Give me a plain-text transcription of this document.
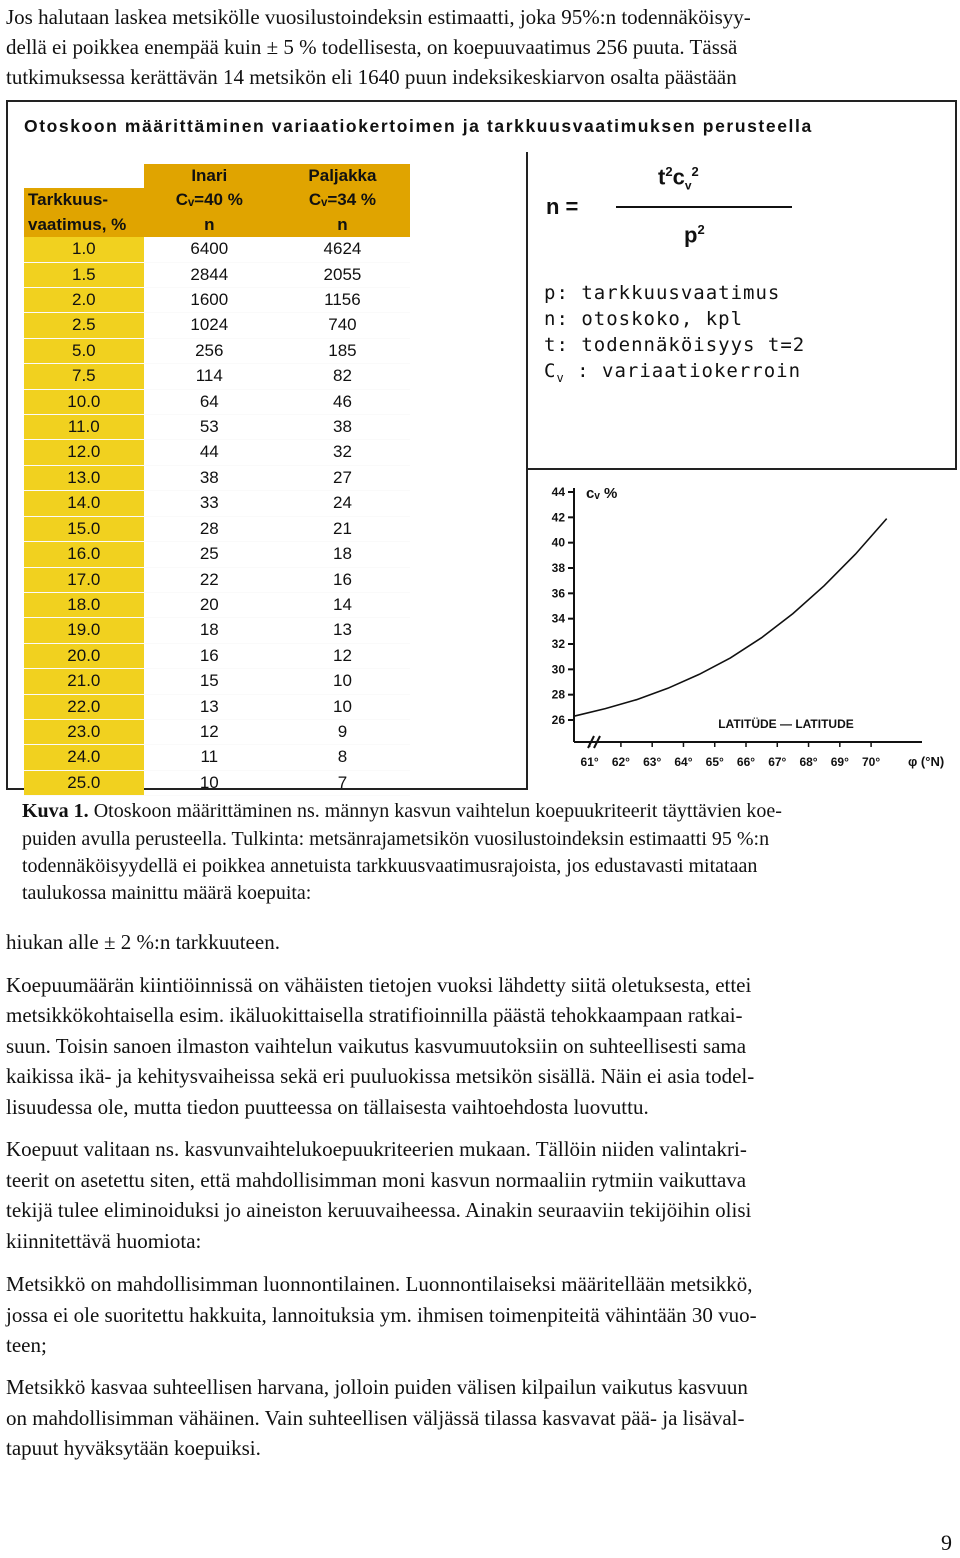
Jos halutaan laskea metsikölle vuosilustoindeksin estimaatti, joka 95%:n todennäköisyy-
dellä ei poikkea enempää kuin ± 5 % todellisesta, on koepuuvaatimus 256 puuta. Tässä
tutkimuksessa kerättävän 14 metsikön eli 1640 puun indeksikeskiarvon osalta päästään
Otoskoon määrittäminen variaatiokertoimen ja tarkkuusvaatimuksen perusteella
	Inari	Paljakka
Tarkkuus-	Cᵥ=40 %	Cᵥ=34 %
vaatimus, %	n	n
1.0	6400	4624
1.5	2844	2055
2.0	1600	1156
2.5	1024	740
5.0	256	185
7.5	114	82
10.0	64	46
11.0	53	38
12.0	44	32
13.0	38	27
14.0	33	24
15.0	28	21
16.0	25	18
17.0	22	16
18.0	20	14
19.0	18	13
20.0	16	12
21.0	15	10
22.0	13	10
23.0	12	9
24.0	11	8
25.0	10	7
n =
$t^2c_v^2$
$p^2$
p: tarkkuusvaatimus
n: otoskoko, kpl
t: todennäköisyys t=2
$C_v$ : variaatiokerroin
44
42
40
38
36
34
32
30
28
26
cᵥ %
61° 62° 63° 64° 65° 66° 67° 68° 69° 70° φ (°N)
LATITÜDE — LATITUDE
Kuva 1. Otoskoon määrittäminen ns. männyn kasvun vaihtelun koepuukriteerit täyttävien koe-
puiden avulla perusteella. Tulkinta: metsänrajametsikön vuosilustoindeksin estimaatti 95 %:n
todennäköisyydellä ei poikkea annetuista tarkkuusvaatimusrajoista, jos edustavasti mitataan
taulukossa mainittu määrä koepuita:
hiukan alle ± 2 %:n tarkkuuteen.
Koepuumäärän kiintiöinnissä on vähäisten tietojen vuoksi lähdetty siitä oletuksesta, ettei
metsikkökohtaisella esim. ikäluokittaisella stratifioinnilla päästä tehokkaampaan ratkai-
suun. Toisin sanoen ilmaston vaihtelun vaikutus kasvumuutoksiin on suhteellisesti sama
kaikissa ikä- ja kehitysvaiheissa sekä eri puuluokissa metsikön sisällä. Näin ei asia todel-
lisuudessa ole, mutta tiedon puutteessa on tällaisesta vaihtoehdosta luovuttu.
Koepuut valitaan ns. kasvunvaihtelukoepuukriteerien mukaan. Tällöin niiden valintakri-
teerit on asetettu siten, että mahdollisimman moni kasvun normaaliin rytmiin vaikuttava
tekijä tulee eliminoiduksi jo aineiston keruuvaiheessa. Ainakin seuraaviin tekijöihin olisi
kiinnitettävä huomiota:
Metsikkö on mahdollisimman luonnontilainen. Luonnontilaiseksi määritellään metsikkö,
jossa ei ole suoritettu hakkuita, lannoituksia ym. ihmisen toimenpiteitä vähintään 30 vuo-
teen;
Metsikkö kasvaa suhteellisen harvana, jolloin puiden välisen kilpailun vaikutus kasvuun
on mahdollisimman vähäinen. Vain suhteellisen väljässä tilassa kasvavat pää- ja lisäval-
tapuut hyväksytään koepuiksi.
9
